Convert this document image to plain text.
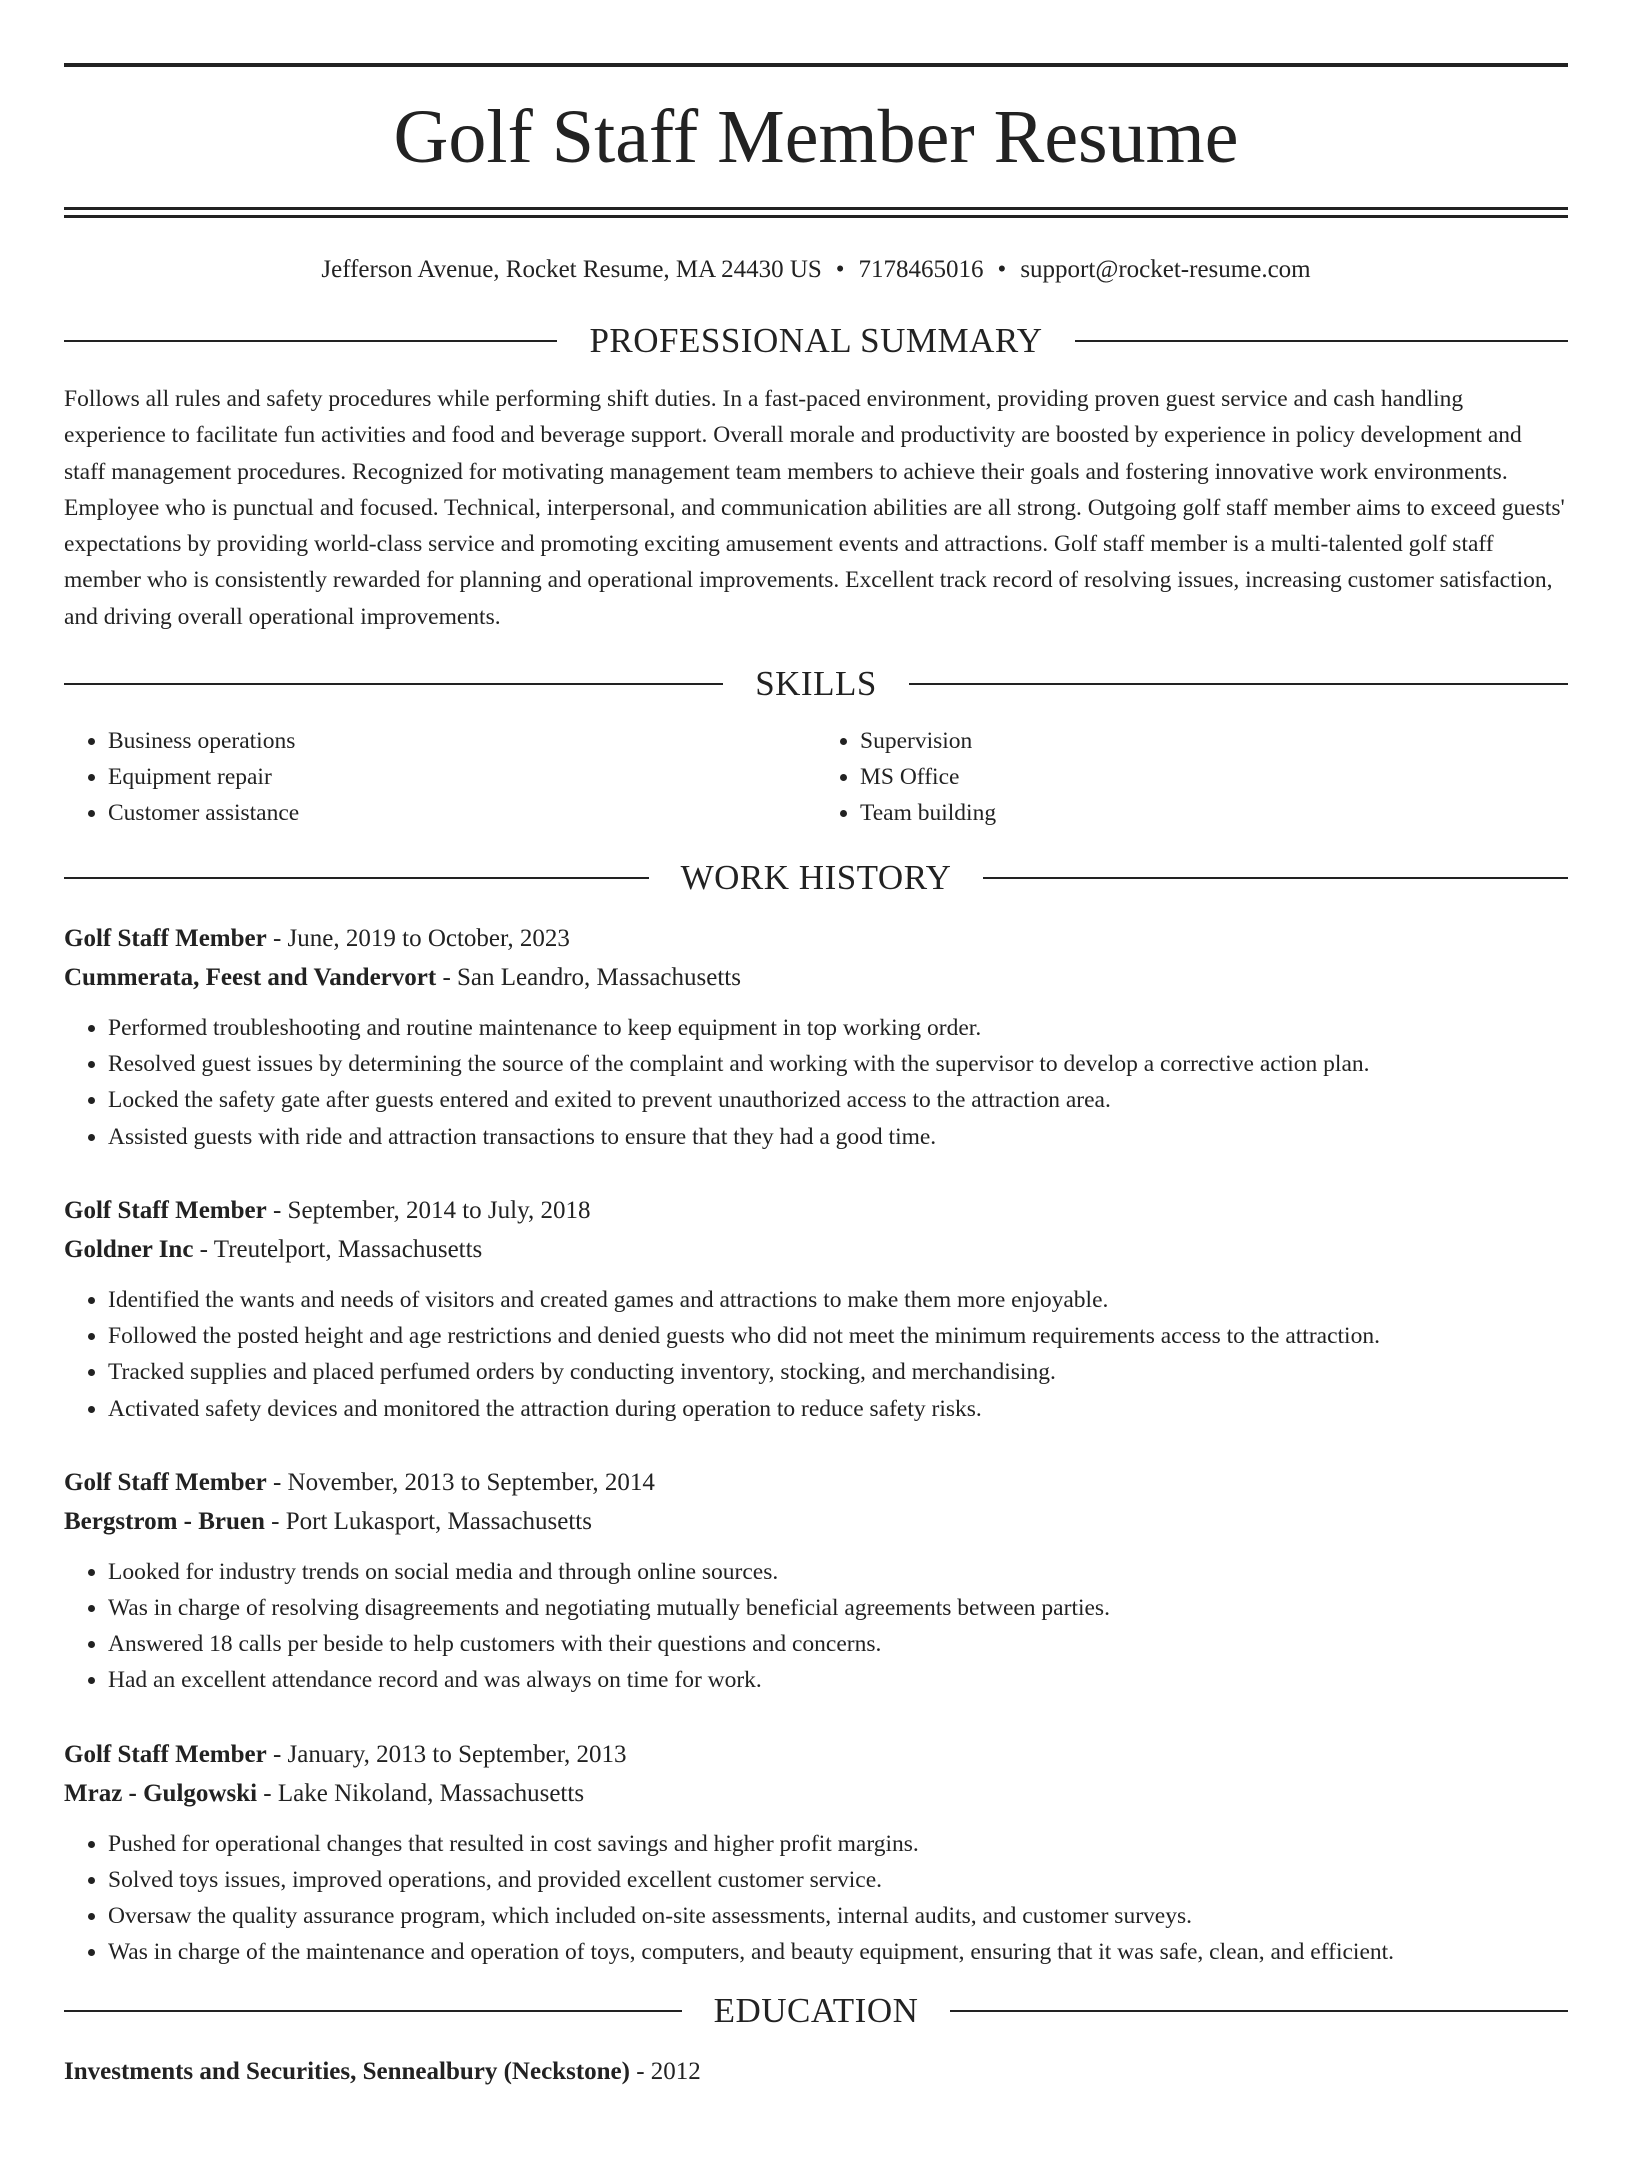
Golf Staff Member Resume
Jefferson Avenue, Rocket Resume, MA 24430 US • 7178465016 • support@rocket-resume.com
PROFESSIONAL SUMMARY
Follows all rules and safety procedures while performing shift duties. In a fast-paced environment, providing proven guest service and cash handling experience to facilitate fun activities and food and beverage support. Overall morale and productivity are boosted by experience in policy development and staff management procedures. Recognized for motivating management team members to achieve their goals and fostering innovative work environments. Employee who is punctual and focused. Technical, interpersonal, and communication abilities are all strong. Outgoing golf staff member aims to exceed guests' expectations by providing world-class service and promoting exciting amusement events and attractions. Golf staff member is a multi-talented golf staff member who is consistently rewarded for planning and operational improvements. Excellent track record of resolving issues, increasing customer satisfaction, and driving overall operational improvements.
SKILLS
• Business operations
• Equipment repair
• Customer assistance
• Supervision
• MS Office
• Team building
WORK HISTORY
Golf Staff Member - June, 2019 to October, 2023
Cummerata, Feest and Vandervort - San Leandro, Massachusetts
• Performed troubleshooting and routine maintenance to keep equipment in top working order.
• Resolved guest issues by determining the source of the complaint and working with the supervisor to develop a corrective action plan.
• Locked the safety gate after guests entered and exited to prevent unauthorized access to the attraction area.
• Assisted guests with ride and attraction transactions to ensure that they had a good time.
Golf Staff Member - September, 2014 to July, 2018
Goldner Inc - Treutelport, Massachusetts
• Identified the wants and needs of visitors and created games and attractions to make them more enjoyable.
• Followed the posted height and age restrictions and denied guests who did not meet the minimum requirements access to the attraction.
• Tracked supplies and placed perfumed orders by conducting inventory, stocking, and merchandising.
• Activated safety devices and monitored the attraction during operation to reduce safety risks.
Golf Staff Member - November, 2013 to September, 2014
Bergstrom - Bruen - Port Lukasport, Massachusetts
• Looked for industry trends on social media and through online sources.
• Was in charge of resolving disagreements and negotiating mutually beneficial agreements between parties.
• Answered 18 calls per beside to help customers with their questions and concerns.
• Had an excellent attendance record and was always on time for work.
Golf Staff Member - January, 2013 to September, 2013
Mraz - Gulgowski - Lake Nikoland, Massachusetts
• Pushed for operational changes that resulted in cost savings and higher profit margins.
• Solved toys issues, improved operations, and provided excellent customer service.
• Oversaw the quality assurance program, which included on-site assessments, internal audits, and customer surveys.
• Was in charge of the maintenance and operation of toys, computers, and beauty equipment, ensuring that it was safe, clean, and efficient.
EDUCATION
Investments and Securities, Sennealbury (Neckstone) - 2012
